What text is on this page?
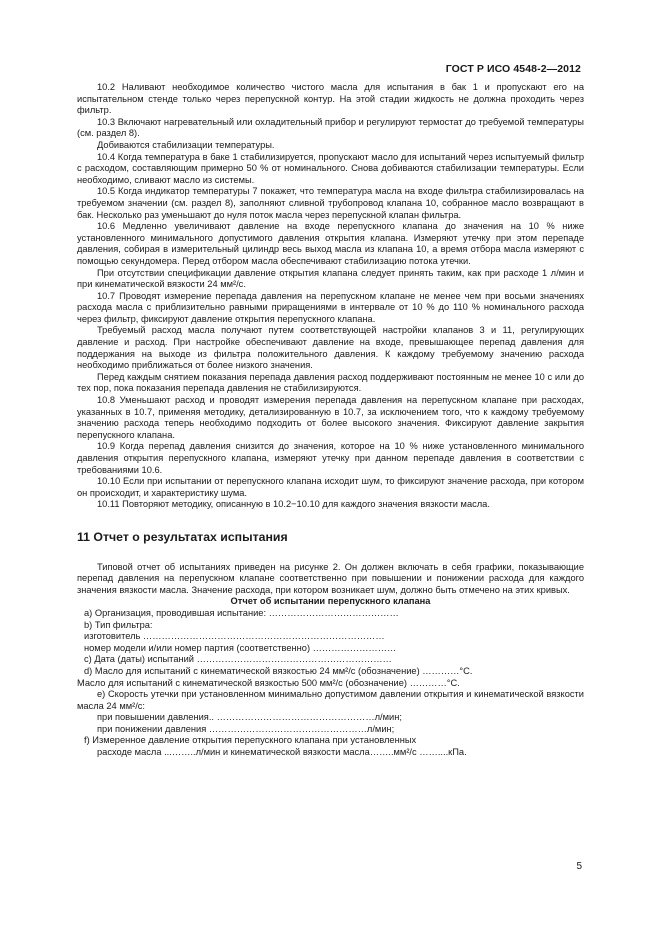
ГОСТ Р ИСО 4548-2—2012

10.2 Наливают необходимое количество чистого масла для испытания в бак 1 и пропускают его на испытательном стенде только через перепускной контур. На этой стадии жидкость не должна проходить через фильтр.

10.3 Включают нагревательный или охладительный прибор и регулируют термостат до требуемой температуры (см. раздел 8).

Добиваются стабилизации температуры.

10.4 Когда температура в баке 1 стабилизируется, пропускают масло для испытаний через испытуемый фильтр с расходом, составляющим примерно 50 % от номинального. Снова добиваются стабилизации температуры. Если необходимо, сливают масло из системы.

10.5 Когда индикатор температуры 7 покажет, что температура масла на входе фильтра стабилизировалась на требуемом значении (см. раздел 8), заполняют сливной трубопровод клапана 10, собранное масло возвращают в бак. Несколько раз уменьшают до нуля поток масла через перепускной клапан фильтра.

10.6 Медленно увеличивают давление на входе перепускного клапана до значения на 10 % ниже установленного минимального допустимого давления открытия клапана. Измеряют утечку при этом перепаде давления, собирая в измерительный цилиндр весь выход масла из клапана 10, а время отбора масла измеряют с помощью секундомера. Перед отбором масла обеспечивают стабилизацию потока утечки.

При отсутствии спецификации давление открытия клапана следует принять таким, как при расходе 1 л/мин и при кинематической вязкости 24 мм²/с.

10.7 Проводят измерение перепада давления на перепускном клапане не менее чем при восьми значениях расхода масла с приблизительно равными приращениями в интервале от 10 % до 110 % номинального расхода через фильтр, фиксируют давление открытия перепускного клапана.

Требуемый расход масла получают путем соответствующей настройки клапанов 3 и 11, регулирующих давление и расход. При настройке обеспечивают давление на входе, превышающее перепад давления для поддержания на выходе из фильтра положительного давления. К каждому требуемому значению расхода необходимо приближаться от более низкого значения.

Перед каждым снятием показания перепада давления расход поддерживают постоянным не менее 10 с или до тех пор, пока показания перепада давления не стабилизируются.

10.8 Уменьшают расход и проводят измерения перепада давления на перепускном клапане при расходах, указанных в 10.7, применяя методику, детализированную в 10.7, за исключением того, что к каждому требуемому значению расхода теперь необходимо подходить от более высокого значения. Фиксируют давление закрытия перепускного клапана.

10.9 Когда перепад давления снизится до значения, которое на 10 % ниже установленного минимального давления открытия перепускного клапана, измеряют утечку при данном перепаде давления в соответствии с требованиями 10.6.

10.10 Если при испытании от перепускного клапана исходит шум, то фиксируют значение расхода, при котором он происходит, и характеристику шума.

10.11 Повторяют методику, описанную в 10.2−10.10 для каждого значения вязкости масла.

11 Отчет о результатах испытания

Типовой отчет об испытаниях приведен на рисунке 2. Он должен включать в себя графики, показывающие перепад давления на перепускном клапане соответственно при повышении и понижении расхода для каждого значения вязкости масла. Значение расхода, при котором возникает шум, должно быть отмечено на этих кривых.

Отчет об испытании перепускного клапана

а) Организация, проводившая испытание: ……………………………………

b) Тип фильтра:

изготовитель ……………………………………………………………………

номер модели и/или номер партия (соответственно) ………………………

с) Дата (даты) испытаний ………………………………………………………

d) Масло для испытаний с кинематической вязкостью 24 мм²/с (обозначение) …………°С.

Масло для испытаний с кинематической вязкостью 500 мм²/с (обозначение) …………°С.

е) Скорость утечки при установленном минимально допустимом давлении открытия и кинематической вязкости масла 24 мм²/с:

при повышении давления.. ……………………………………………л/мин;

при понижении давления ……………………………………………л/мин;

f) Измеренное давление открытия перепускного клапана при установленных

расходе масла ...……..л/мин и кинематической вязкости масла……..мм²/с ……....кПа.

5
